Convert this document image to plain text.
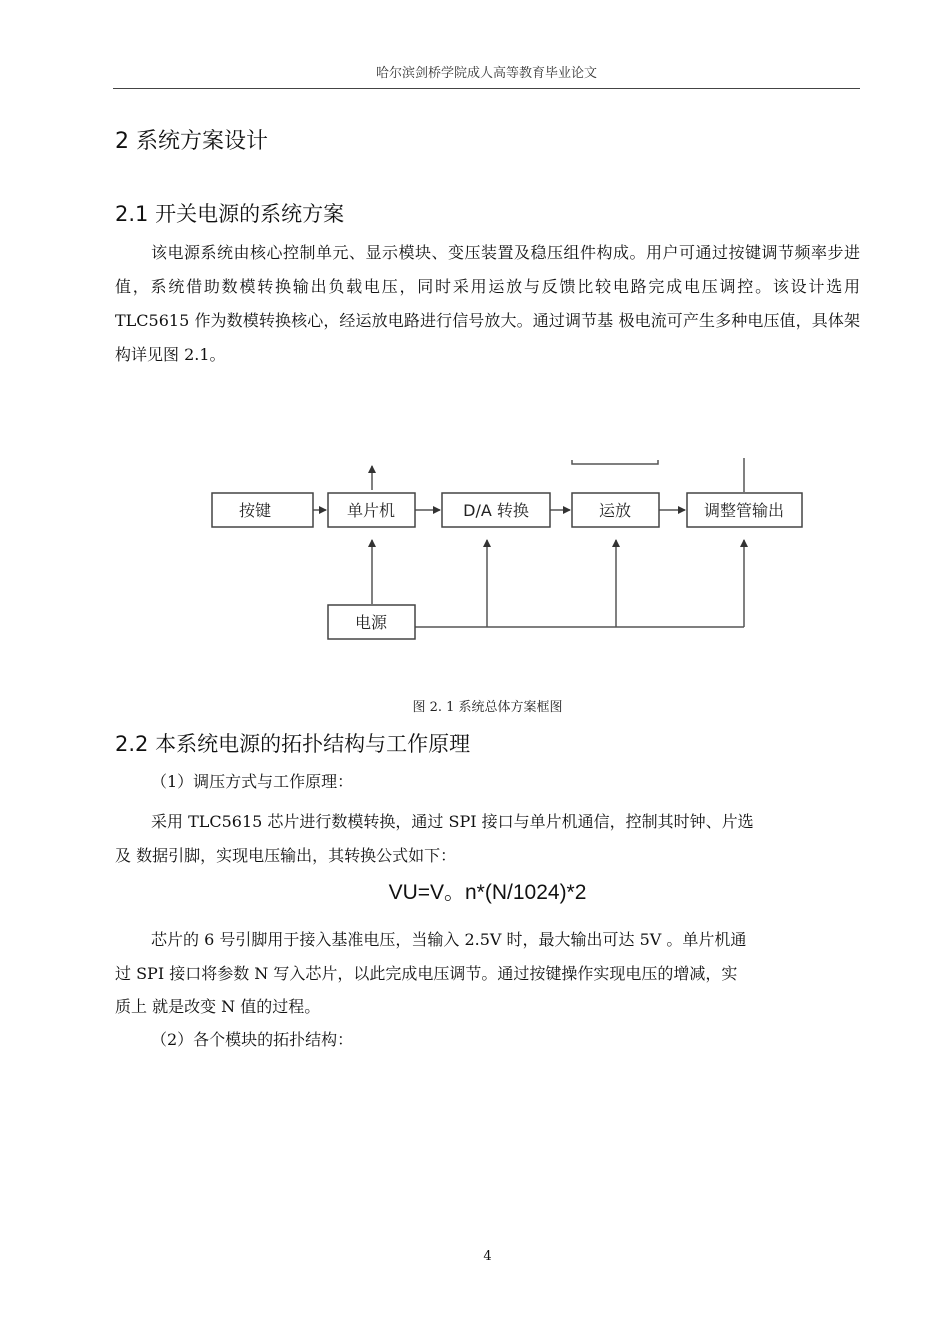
哈尔滨剑桥学院成人高等教育毕业论文
2 系统方案设计
2.1 开关电源的系统方案

该电源系统由核心控制单元、显示模块、变压装置及稳压组件构成。用户可通过按键调节频率步进值，系统借助数模转换输出负载电压，同时采用运放与反馈比较电路完成电压调控。该设计选用 TLC5615 作为数模转换核心，经运放电路进行信号放大。通过调节基 极电流可产生多种电压值，具体架构详见图 2.1。

按键	单片机	D/A 转换	运放	调整管输出
电源
图 2. 1 系统总体方案框图
2.2 本系统电源的拓扑结构与工作原理
（1）调压方式与工作原理：
采用 TLC5615 芯片进行数模转换，通过 SPI 接口与单片机通信，控制其时钟、片选
及 数据引脚，实现电压输出，其转换公式如下：
VU=V。n*(N/1024)*2
芯片的 6 号引脚用于接入基准电压，当输入 2.5V 时，最大输出可达 5V 。单片机通
过 SPI 接口将参数 N 写入芯片，以此完成电压调节。通过按键操作实现电压的增减，实
质上 就是改变 N 值的过程。
（2）各个模块的拓扑结构：
4
